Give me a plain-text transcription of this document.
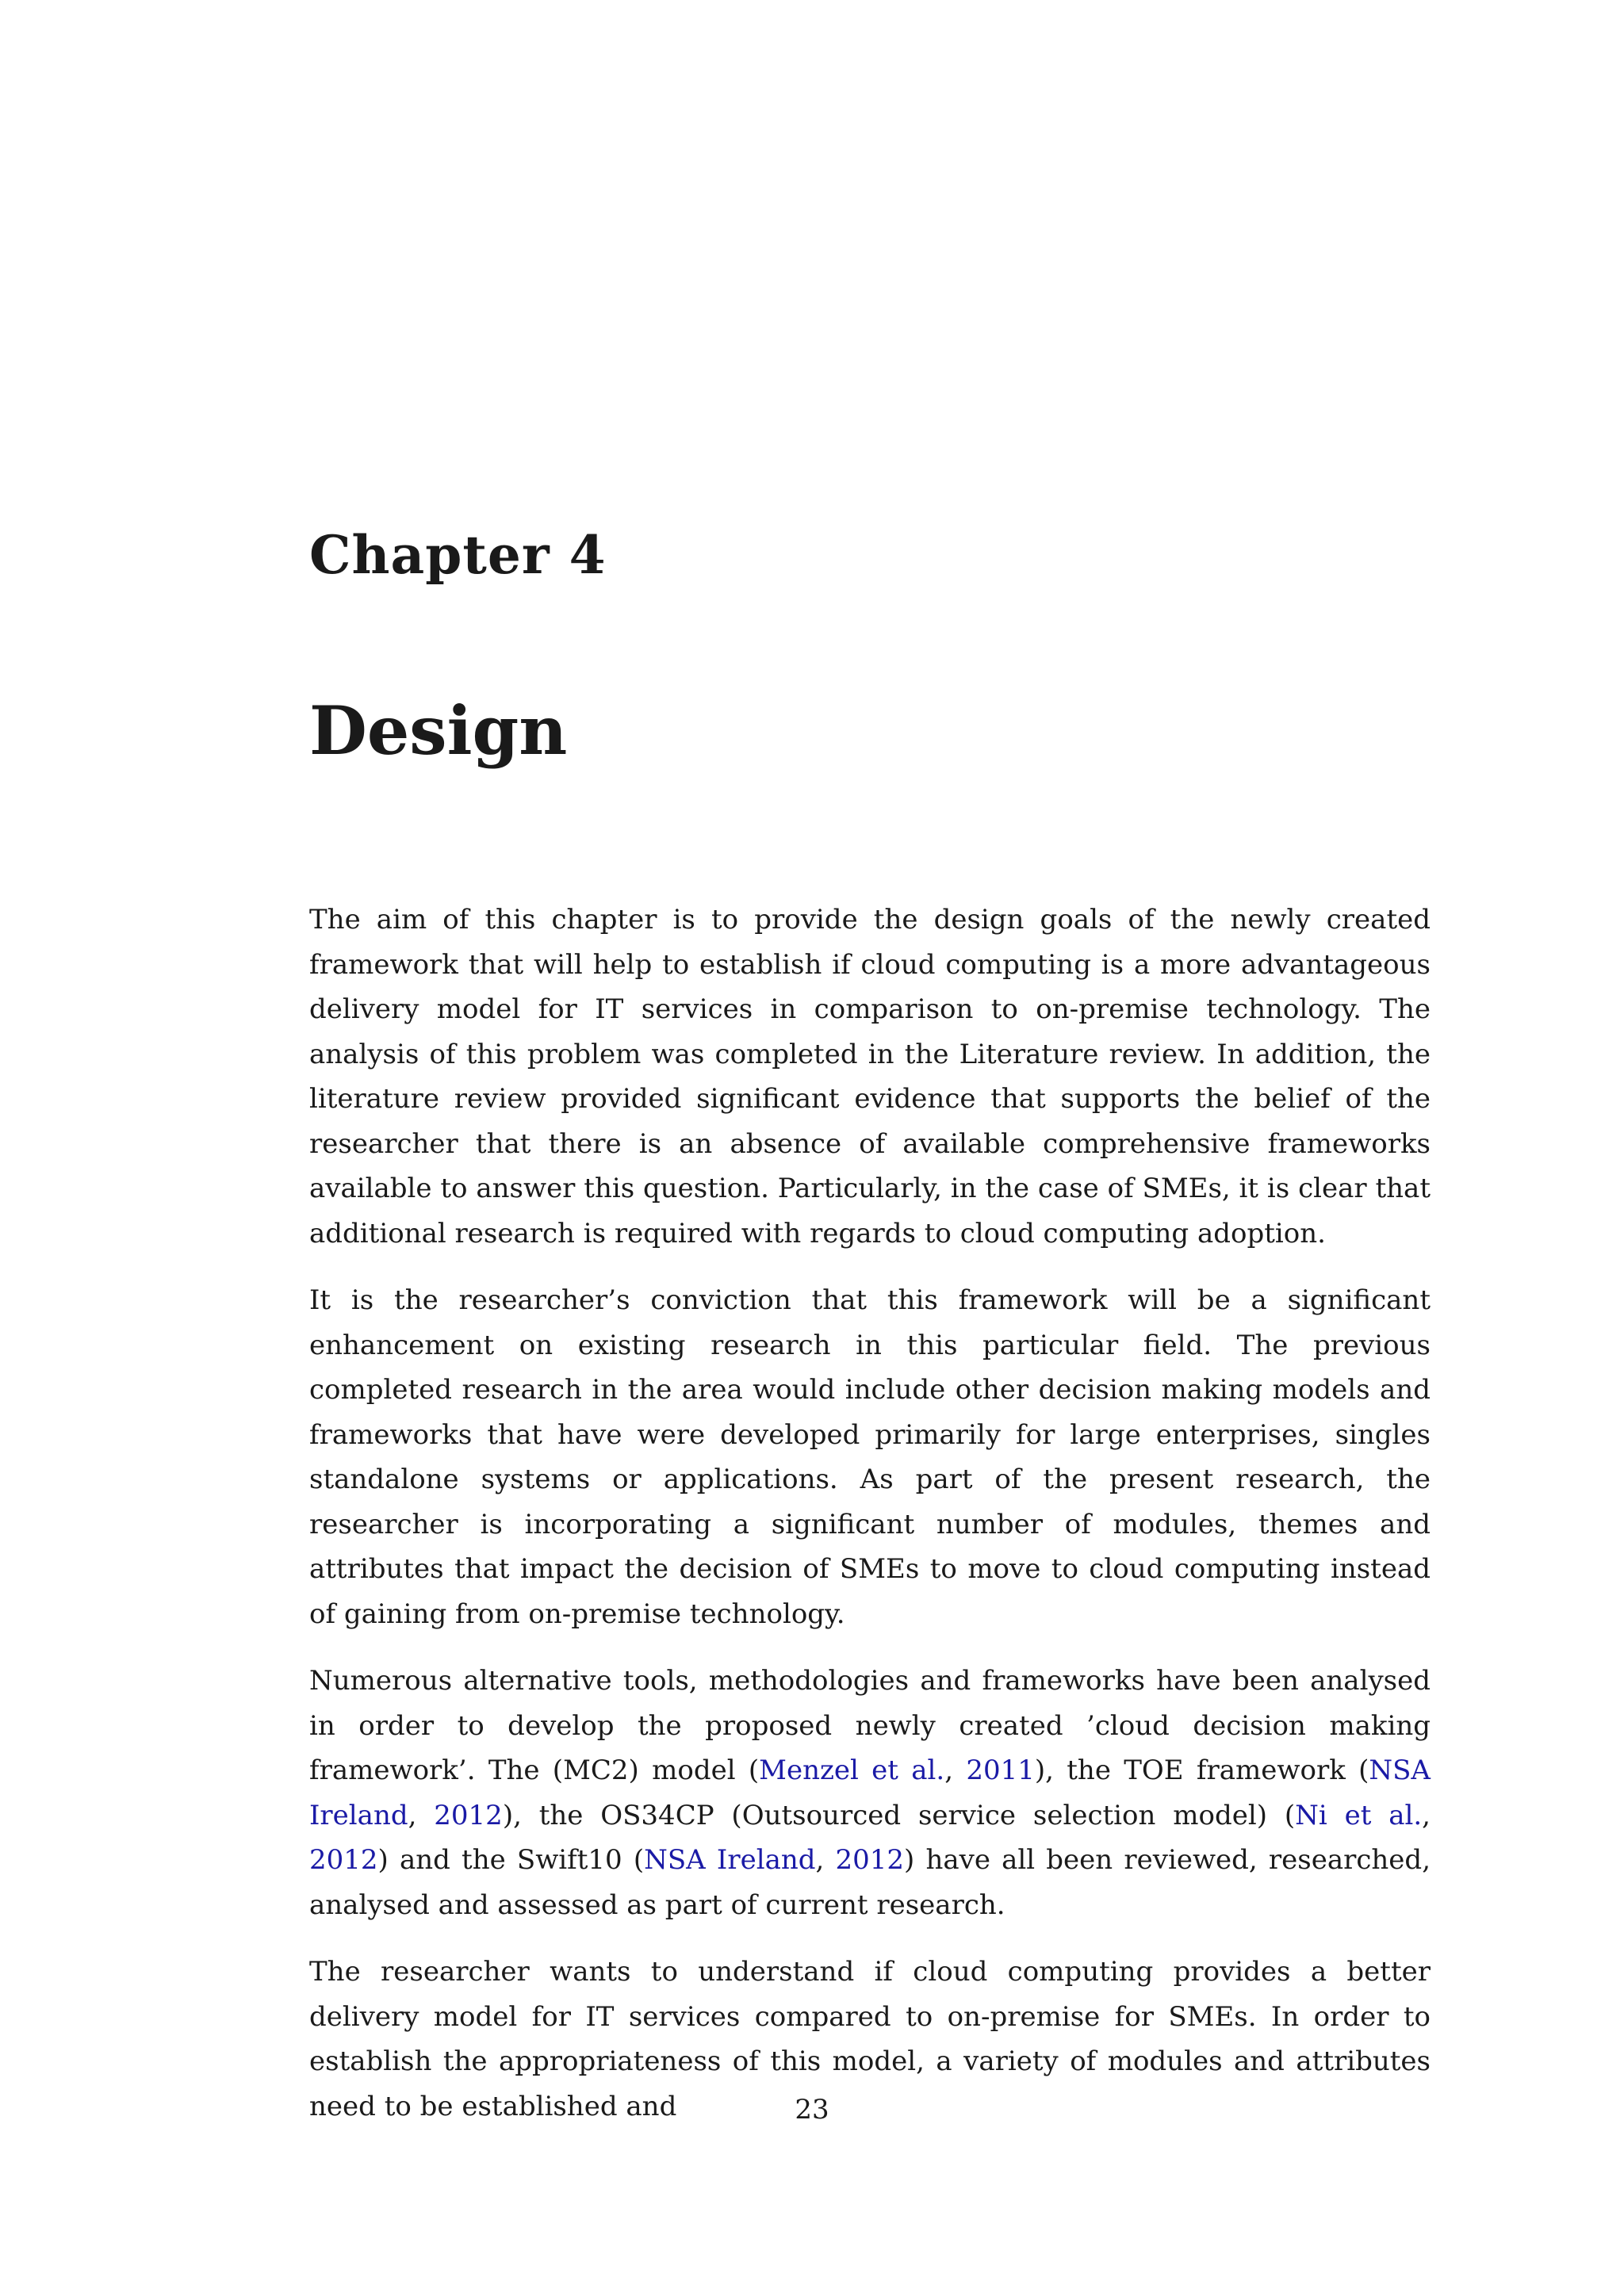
Chapter 4
Design

The aim of this chapter is to provide the design goals of the newly created framework that will help to establish if cloud computing is a more advantageous delivery model for IT services in comparison to on-premise technology. The analysis of this problem was completed in the Literature review. In addition, the literature review provided significant evidence that supports the belief of the researcher that there is an absence of available comprehensive frameworks available to answer this question. Particularly, in the case of SMEs, it is clear that additional research is required with regards to cloud computing adoption.

It is the researcher’s conviction that this framework will be a significant enhancement on existing research in this particular field. The previous completed research in the area would include other decision making models and frameworks that have were developed primarily for large enterprises, singles standalone systems or applications. As part of the present research, the researcher is incorporating a significant number of modules, themes and attributes that impact the decision of SMEs to move to cloud computing instead of gaining from on-premise technology.

Numerous alternative tools, methodologies and frameworks have been analysed in order to develop the proposed newly created ’cloud decision making framework’. The (MC2) model (Menzel et al., 2011), the TOE framework (NSA Ireland, 2012), the OS34CP (Outsourced service selection model) (Ni et al., 2012) and the Swift10 (NSA Ireland, 2012) have all been reviewed, researched, analysed and assessed as part of current research.

The researcher wants to understand if cloud computing provides a better delivery model for IT services compared to on-premise for SMEs. In order to establish the appropriateness of this model, a variety of modules and attributes need to be established and	23
